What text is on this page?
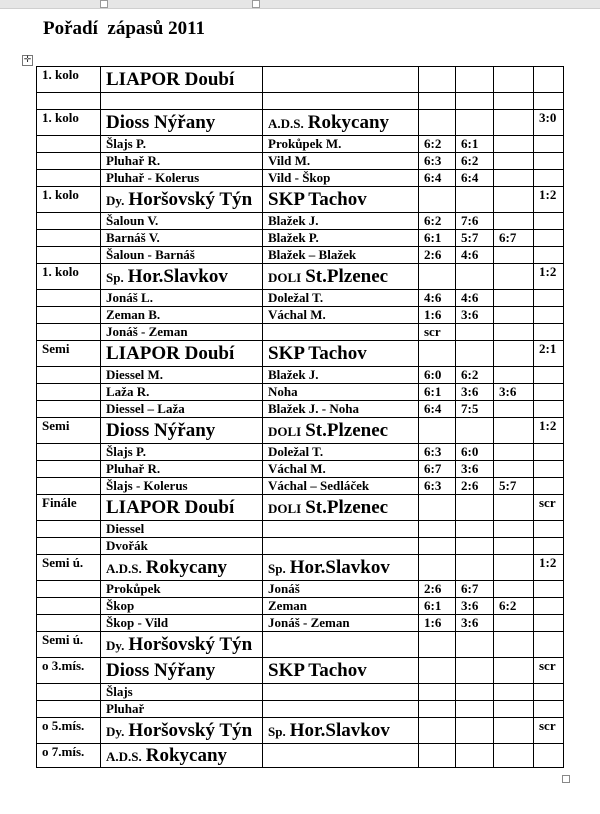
Pořadí  zápasů 2011
✛
1. kolo	LIAPOR Doubí					

1. kolo	Dioss Nýřany	A.D.S. Rokycany				3:0
	Šlajs P.	Prokůpek M.	6:2	6:1		
	Pluhař R.	Vild M.	6:3	6:2		
	Pluhař - Kolerus	Vild - Škop	6:4	6:4		
1. kolo	Dy. Horšovský Týn	SKP Tachov				1:2
	Šaloun V.	Blažek J.	6:2	7:6		
	Barnáš V.	Blažek P.	6:1	5:7	6:7	
	Šaloun - Barnáš	Blažek – Blažek	2:6	4:6		
1. kolo	Sp. Hor.Slavkov	DOLI St.Plzenec				1:2
	Jonáš L.	Doležal T.	4:6	4:6		
	Zeman B.	Váchal M.	1:6	3:6		
	Jonáš - Zeman		scr			
Semi	LIAPOR Doubí	SKP Tachov				2:1
	Diessel M.	Blažek J.	6:0	6:2		
	Laža R.	Noha	6:1	3:6	3:6	
	Diessel – Laža	Blažek J. - Noha	6:4	7:5		
Semi	Dioss Nýřany	DOLI St.Plzenec				1:2
	Šlajs P.	Doležal T.	6:3	6:0		
	Pluhař R.	Váchal M.	6:7	3:6		
	Šlajs - Kolerus	Váchal – Sedláček	6:3	2:6	5:7	
Finále	LIAPOR Doubí	DOLI St.Plzenec				scr
	Diessel					
	Dvořák					
Semi ú.	A.D.S. Rokycany	Sp. Hor.Slavkov				1:2
	Prokůpek	Jonáš	2:6	6:7		
	Škop	Zeman	6:1	3:6	6:2	
	Škop - Vild	Jonáš - Zeman	1:6	3:6		
Semi ú.	Dy. Horšovský Týn					
o 3.mís.	Dioss Nýřany	SKP Tachov				scr
	Šlajs					
	Pluhař					
o 5.mís.	Dy. Horšovský Týn	Sp. Hor.Slavkov				scr
o 7.mís.	A.D.S. Rokycany					
